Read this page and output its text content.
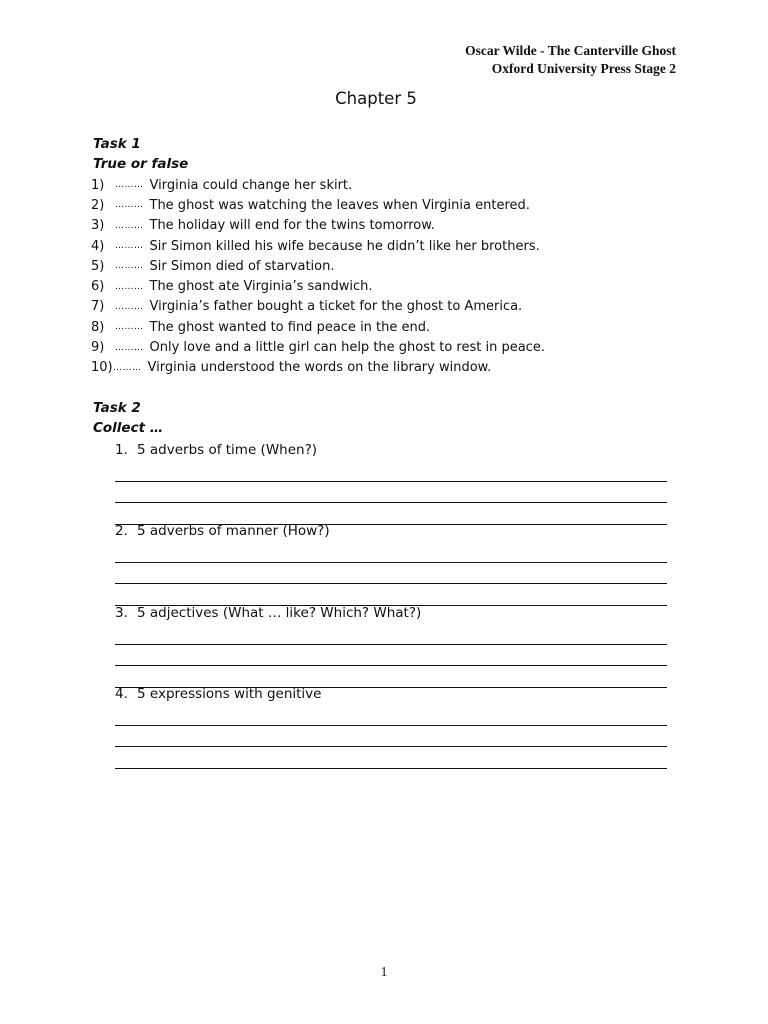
Oscar Wilde - The Canterville Ghost
Oxford University Press Stage 2
Chapter 5
Task 1
True or false
1)	……… Virginia could change her skirt.
2)	……… The ghost was watching the leaves when Virginia entered.
3)	……… The holiday will end for the twins tomorrow.
4)	……… Sir Simon killed his wife because he didn’t like her brothers.
5)	……… Sir Simon died of starvation.
6)	……… The ghost ate Virginia’s sandwich.
7)	……… Virginia’s father bought a ticket for the ghost to America.
8)	……… The ghost wanted to find peace in the end.
9)	……… Only love and a little girl can help the ghost to rest in peace.
10) ……… Virginia understood the words on the library window.
Task 2
Collect …
1. 5 adverbs of time (When?)
2. 5 adverbs of manner (How?)
3. 5 adjectives (What … like? Which? What?)
4. 5 expressions with genitive
1
